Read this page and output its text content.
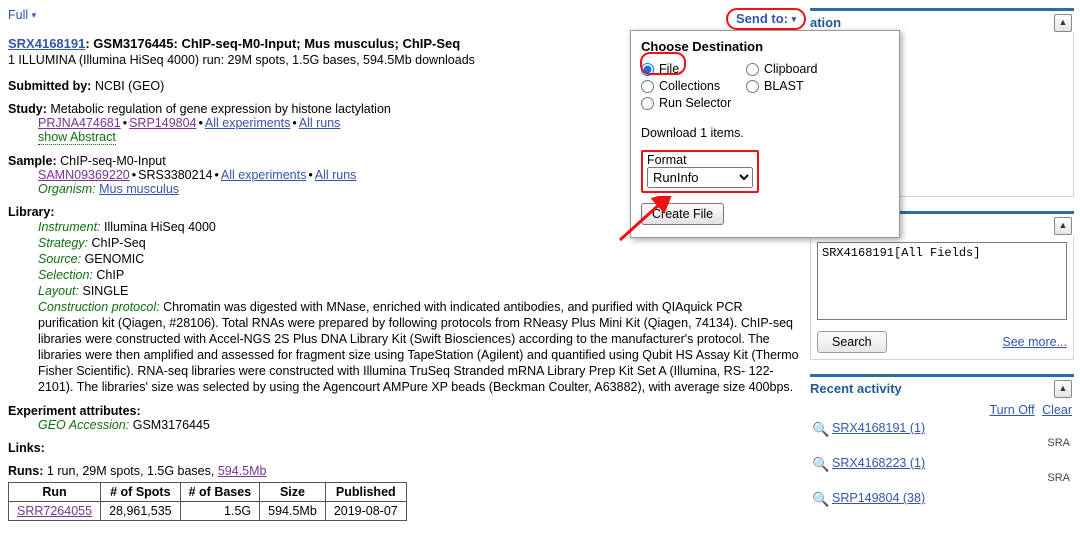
Full ▾
SRX4168191: GSM3176445: ChIP-seq-M0-Input; Mus musculus; ChIP-Seq
1 ILLUMINA (Illumina HiSeq 4000) run: 29M spots, 1.5G bases, 594.5Mb downloads
Submitted by: NCBI (GEO)
Study: Metabolic regulation of gene expression by histone lactylation
PRJNA474681 • SRP149804 • All experiments • All runs
show Abstract
Sample: ChIP-seq-M0-Input
SAMN09369220 • SRS3380214 • All experiments • All runs
Organism: Mus musculus
Library:
Instrument: Illumina HiSeq 4000
Strategy: ChIP-Seq
Source: GENOMIC
Selection: ChIP
Layout: SINGLE
Construction protocol: Chromatin was digested with MNase, enriched with indicated antibodies, and purified with QIAquick PCR purification kit (Qiagen, #28106). Total RNAs were prepared by following protocols from RNeasy Plus Mini Kit (Qiagen, 74134). ChIP-seq libraries were constructed with Accel-NGS 2S Plus DNA Library Kit (Swift Biosciences) according to the manufacturer's protocol. The libraries were then amplified and assessed for fragment size using TapeStation (Agilent) and quantified using Qubit HS Assay Kit (Thermo Fisher Scientific). RNA-seq libraries were constructed with Illumina TruSeq Stranded mRNA Library Prep Kit Set A (Illumina, RS- 122-2101). The libraries' size was selected by using the Agencourt AMPure XP beads (Beckman Coulter, A63882), with average size 400bps.
Experiment attributes:
GEO Accession: GSM3176445
Links:
Runs: 1 run, 29M spots, 1.5G bases, 594.5Mb
Run	# of Spots	# of Bases	Size	Published
SRR7264055	28,961,535	1.5G	594.5Mb	2019-08-07
ation	▲
▲
SRX4168191[All Fields]
Search	See more...
Recent activity	▲
Turn Off Clear
🔍 SRX4168191 (1)
SRA
🔍 SRX4168223 (1)
SRA
🔍 SRP149804 (38)
Send to: ▾
Choose Destination
File	Clipboard
Collections	BLAST
Run Selector
Download 1 items.
Format
RunInfo
Create File
